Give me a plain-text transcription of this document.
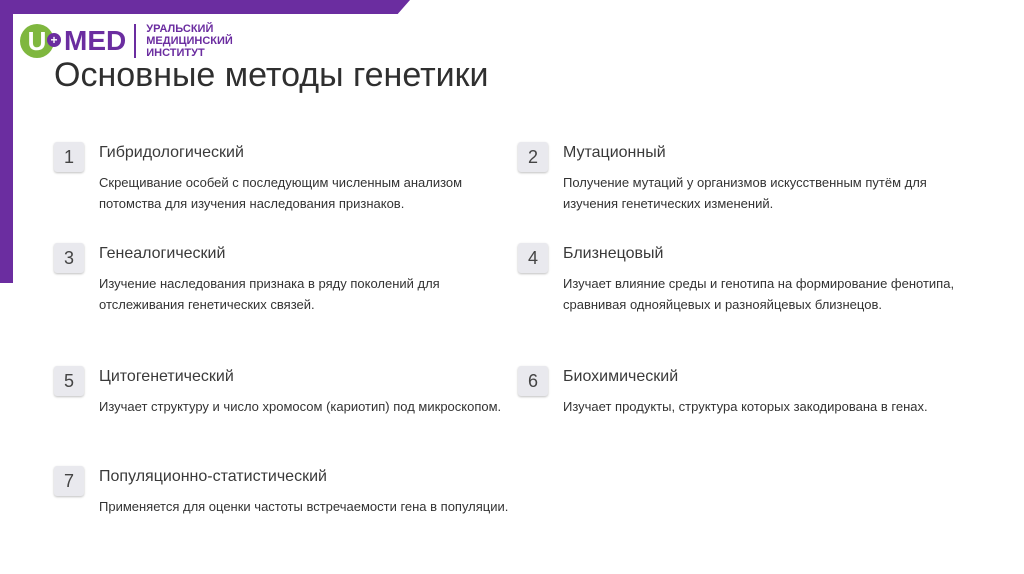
U + MED УРАЛЬСКИЙ
МЕДИЦИНСКИЙ
ИНСТИТУТ
Основные методы генетики
1	Гибридологический
Скрещивание особей с последующим численным анализом потомства для изучения наследования признаков.
2	Мутационный
Получение мутаций у организмов искусственным путём для изучения генетических изменений.
3	Генеалогический
Изучение наследования признака в ряду поколений для отслеживания генетических связей.
4	Близнецовый
Изучает влияние среды и генотипа на формирование фенотипа, сравнивая однояйцевых и разнояйцевых близнецов.
5	Цитогенетический
Изучает структуру и число хромосом (кариотип) под микроскопом.
6	Биохимический
Изучает продукты, структура которых закодирована в генах.
7	Популяционно-статистический
Применяется для оценки частоты встречаемости гена в популяции.
